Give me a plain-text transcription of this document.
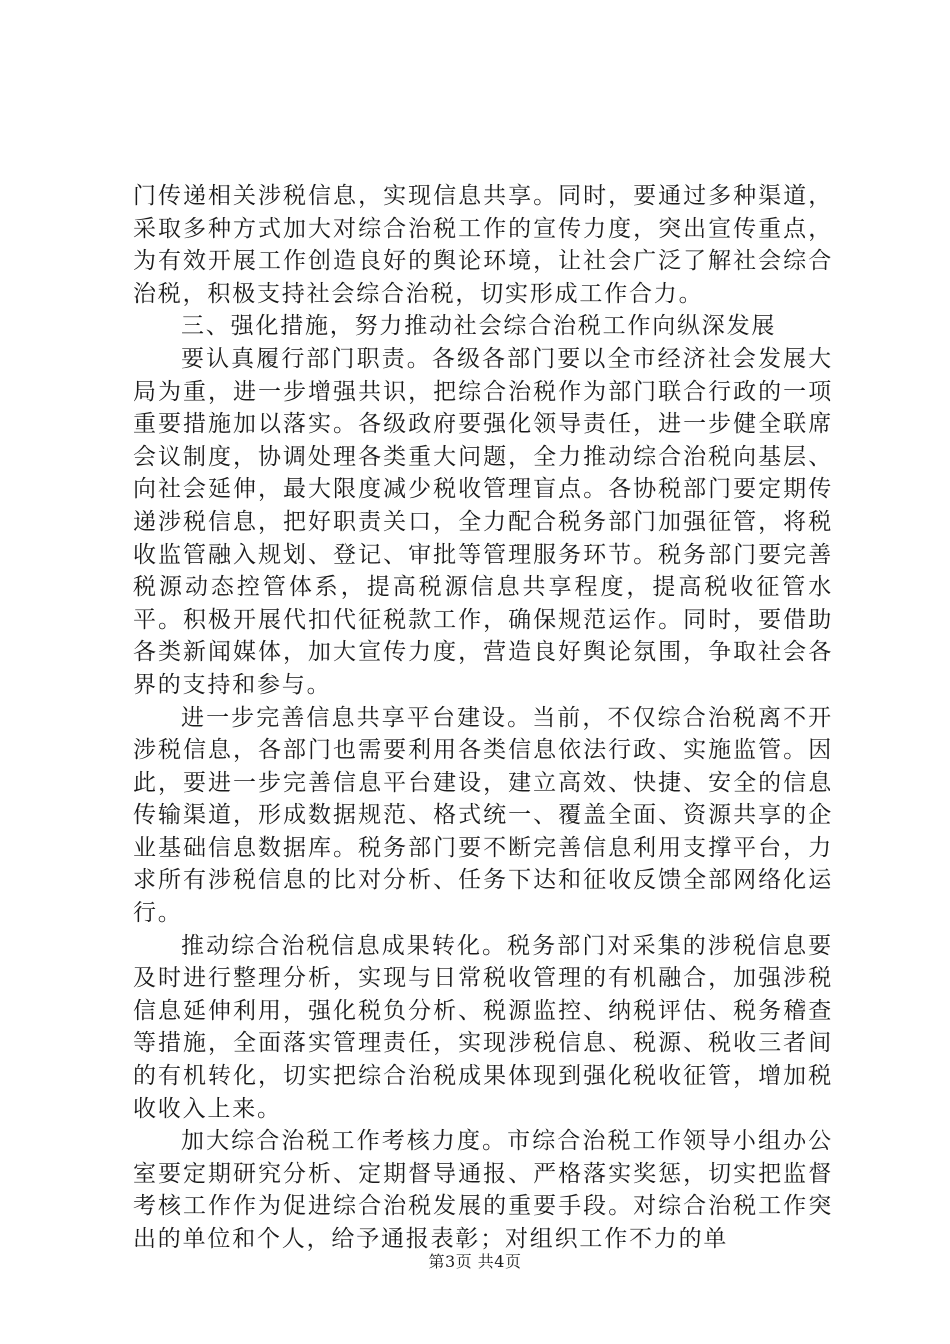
门传递相关涉税信息，实现信息共享。同时，要通过多种渠道，采取多种方式加大对综合治税工作的宣传力度，突出宣传重点，为有效开展工作创造良好的舆论环境，让社会广泛了解社会综合治税，积极支持社会综合治税，切实形成工作合力。

三、强化措施，努力推动社会综合治税工作向纵深发展

要认真履行部门职责。各级各部门要以全市经济社会发展大局为重，进一步增强共识，把综合治税作为部门联合行政的一项重要措施加以落实。各级政府要强化领导责任，进一步健全联席会议制度，协调处理各类重大问题，全力推动综合治税向基层、向社会延伸，最大限度减少税收管理盲点。各协税部门要定期传递涉税信息，把好职责关口，全力配合税务部门加强征管，将税收监管融入规划、登记、审批等管理服务环节。税务部门要完善税源动态控管体系，提高税源信息共享程度，提高税收征管水平。积极开展代扣代征税款工作，确保规范运作。同时，要借助各类新闻媒体，加大宣传力度，营造良好舆论氛围，争取社会各界的支持和参与。

进一步完善信息共享平台建设。当前，不仅综合治税离不开涉税信息，各部门也需要利用各类信息依法行政、实施监管。因此，要进一步完善信息平台建设，建立高效、快捷、安全的信息传输渠道，形成数据规范、格式统一、覆盖全面、资源共享的企业基础信息数据库。税务部门要不断完善信息利用支撑平台，力求所有涉税信息的比对分析、任务下达和征收反馈全部网络化运行。

推动综合治税信息成果转化。税务部门对采集的涉税信息要及时进行整理分析，实现与日常税收管理的有机融合，加强涉税信息延伸利用，强化税负分析、税源监控、纳税评估、税务稽查等措施，全面落实管理责任，实现涉税信息、税源、税收三者间的有机转化，切实把综合治税成果体现到强化税收征管，增加税收收入上来。

加大综合治税工作考核力度。市综合治税工作领导小组办公室要定期研究分析、定期督导通报、严格落实奖惩，切实把监督考核工作作为促进综合治税发展的重要手段。对综合治税工作突出的单位和个人，给予通报表彰；对组织工作不力的单

第3页 共4页
